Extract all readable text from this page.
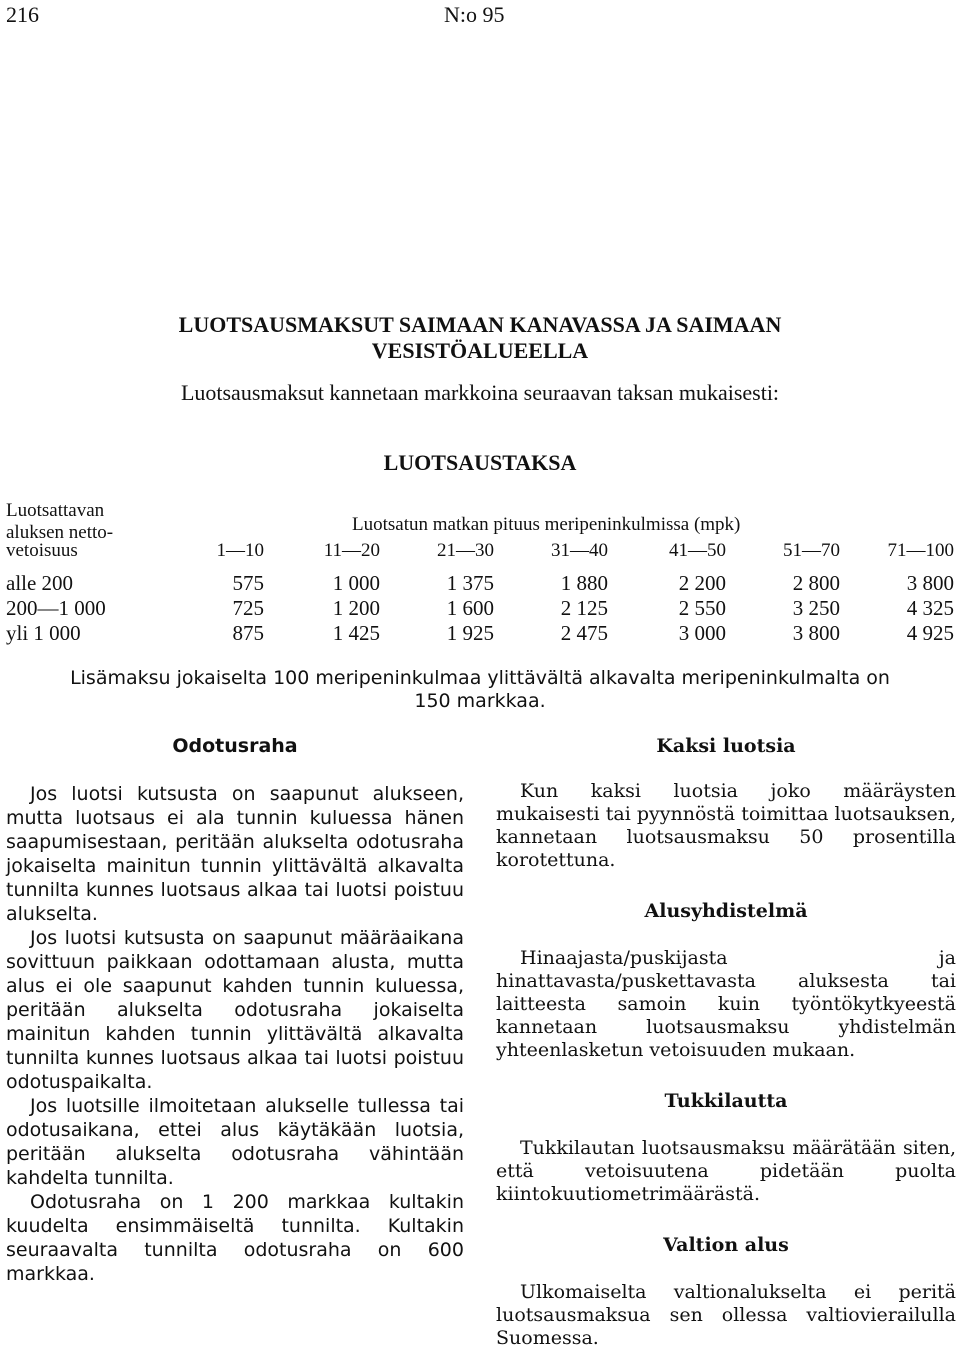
216	N:o 95
LUOTSAUSMAKSUT SAIMAAN KANAVASSA JA SAIMAAN
VESISTÖALUEELLA
Luotsausmaksut kannetaan markkoina seuraavan taksan mukaisesti:
LUOTSAUSTAKSA
Luotsattavan
aluksen netto-
vetoisuus
Luotsatun matkan pituus meripeninkulmissa (mpk)
1—10	11—20	21—30	31—40	41—50	51—70	71—100
alle 200	575	1 000	1 375	1 880	2 200	2 800	3 800
200—1 000	725	1 200	1 600	2 125	2 550	3 250	4 325
yli 1 000	875	1 425	1 925	2 475	3 000	3 800	4 925
Lisämaksu jokaiselta 100 meripeninkulmaa ylittävältä alkavalta meripeninkulmalta on
150 markkaa.
Odotusraha

Jos luotsi kutsusta on saapunut alukseen, mutta luotsaus ei ala tunnin kuluessa hänen saapumisestaan, peritään alukselta odotusraha jokaiselta mainitun tunnin ylittävältä alkavalta tunnilta kunnes luotsaus alkaa tai luotsi poistuu alukselta.

Jos luotsi kutsusta on saapunut määräaikana sovittuun paikkaan odottamaan alusta, mutta alus ei ole saapunut kahden tunnin kuluessa, peritään alukselta odotusraha jokaiselta mainitun kahden tunnin ylittävältä alkavalta tunnilta kunnes luotsaus alkaa tai luotsi poistuu odotuspaikalta.

Jos luotsille ilmoitetaan alukselle tullessa tai odotusaikana, ettei alus käytäkään luotsia, peritään alukselta odotusraha vähintään kahdelta tunnilta.

Odotusraha on 1 200 markkaa kultakin kuudelta ensimmäiseltä tunnilta. Kultakin seuraavalta tunnilta odotusraha on 600 markkaa.

Kaksi luotsia

Kun kaksi luotsia joko määräysten mukaisesti tai pyynnöstä toimittaa luotsauksen, kannetaan luotsausmaksu 50 prosentilla korotettuna.

Alusyhdistelmä

Hinaajasta/puskijasta ja hinattavasta/puskettavasta aluksesta tai laitteesta samoin kuin työntökytkyeestä kannetaan luotsausmaksu yhdistelmän yhteenlasketun vetoisuuden mukaan.

Tukkilautta

Tukkilautan luotsausmaksu määrätään siten, että vetoisuutena pidetään puolta kiintokuutiometrimäärästä.

Valtion alus

Ulkomaiselta valtionalukselta ei peritä luotsausmaksua sen ollessa valtiovierailulla Suomessa.
